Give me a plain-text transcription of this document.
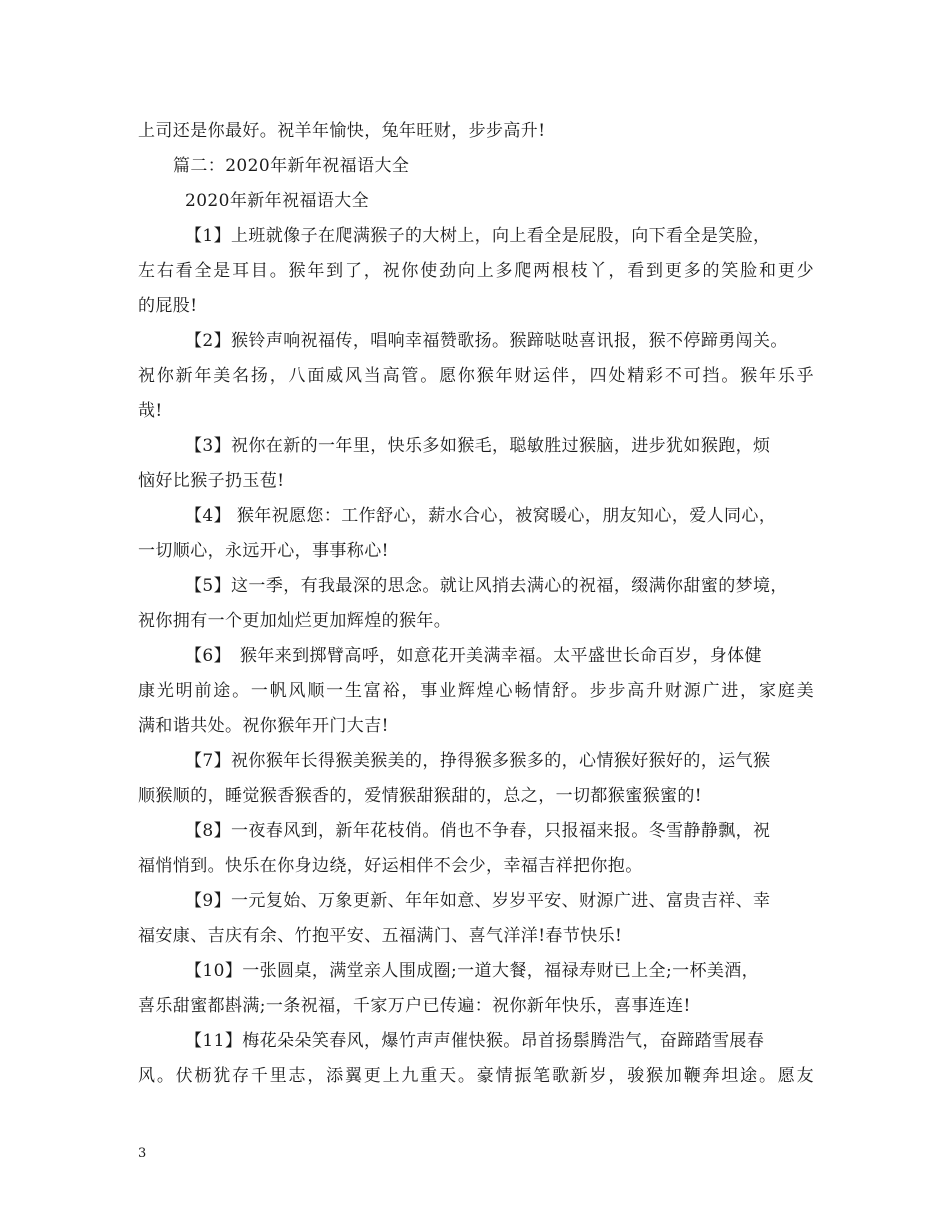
上司还是你最好。祝羊年愉快，兔年旺财，步步高升!
篇二：2020年新年祝福语大全
2020年新年祝福语大全
【1】上班就像子在爬满猴子的大树上，向上看全是屁股，向下看全是笑脸，
左右看全是耳目。猴年到了，祝你使劲向上多爬两根枝丫，看到更多的笑脸和更少
的屁股!
【2】猴铃声响祝福传，唱响幸福赞歌扬。猴蹄哒哒喜讯报，猴不停蹄勇闯关。
祝你新年美名扬，八面威风当高管。愿你猴年财运伴，四处精彩不可挡。猴年乐乎
哉!
【3】祝你在新的一年里，快乐多如猴毛，聪敏胜过猴脑，进步犹如猴跑，烦
恼好比猴子扔玉苞!
【4】 猴年祝愿您：工作舒心，薪水合心，被窝暖心，朋友知心，爱人同心，
一切顺心，永远开心，事事称心!
【5】这一季，有我最深的思念。就让风捎去满心的祝福，缀满你甜蜜的梦境，
祝你拥有一个更加灿烂更加辉煌的猴年。
【6】　猴年来到掷臂高呼，如意花开美满幸福。太平盛世长命百岁，身体健
康光明前途。一帆风顺一生富裕，事业辉煌心畅情舒。步步高升财源广进，家庭美
满和谐共处。祝你猴年开门大吉!
【7】祝你猴年长得猴美猴美的，挣得猴多猴多的，心情猴好猴好的，运气猴
顺猴顺的，睡觉猴香猴香的，爱情猴甜猴甜的，总之，一切都猴蜜猴蜜的!
【8】一夜春风到，新年花枝俏。俏也不争春，只报福来报。冬雪静静飘，祝
福悄悄到。快乐在你身边绕，好运相伴不会少，幸福吉祥把你抱。
【9】一元复始、万象更新、年年如意、岁岁平安、财源广进、富贵吉祥、幸
福安康、吉庆有余、竹抱平安、五福满门、喜气洋洋!春节快乐!
【10】一张圆桌，满堂亲人围成圈;一道大餐，福禄寿财已上全;一杯美酒，
喜乐甜蜜都斟满;一条祝福，千家万户已传遍：祝你新年快乐，喜事连连!
【11】梅花朵朵笑春风，爆竹声声催快猴。昂首扬鬃腾浩气，奋蹄踏雪展春
风。伏枥犹存千里志，添翼更上九重天。豪情振笔歌新岁，骏猴加鞭奔坦途。愿友
3
